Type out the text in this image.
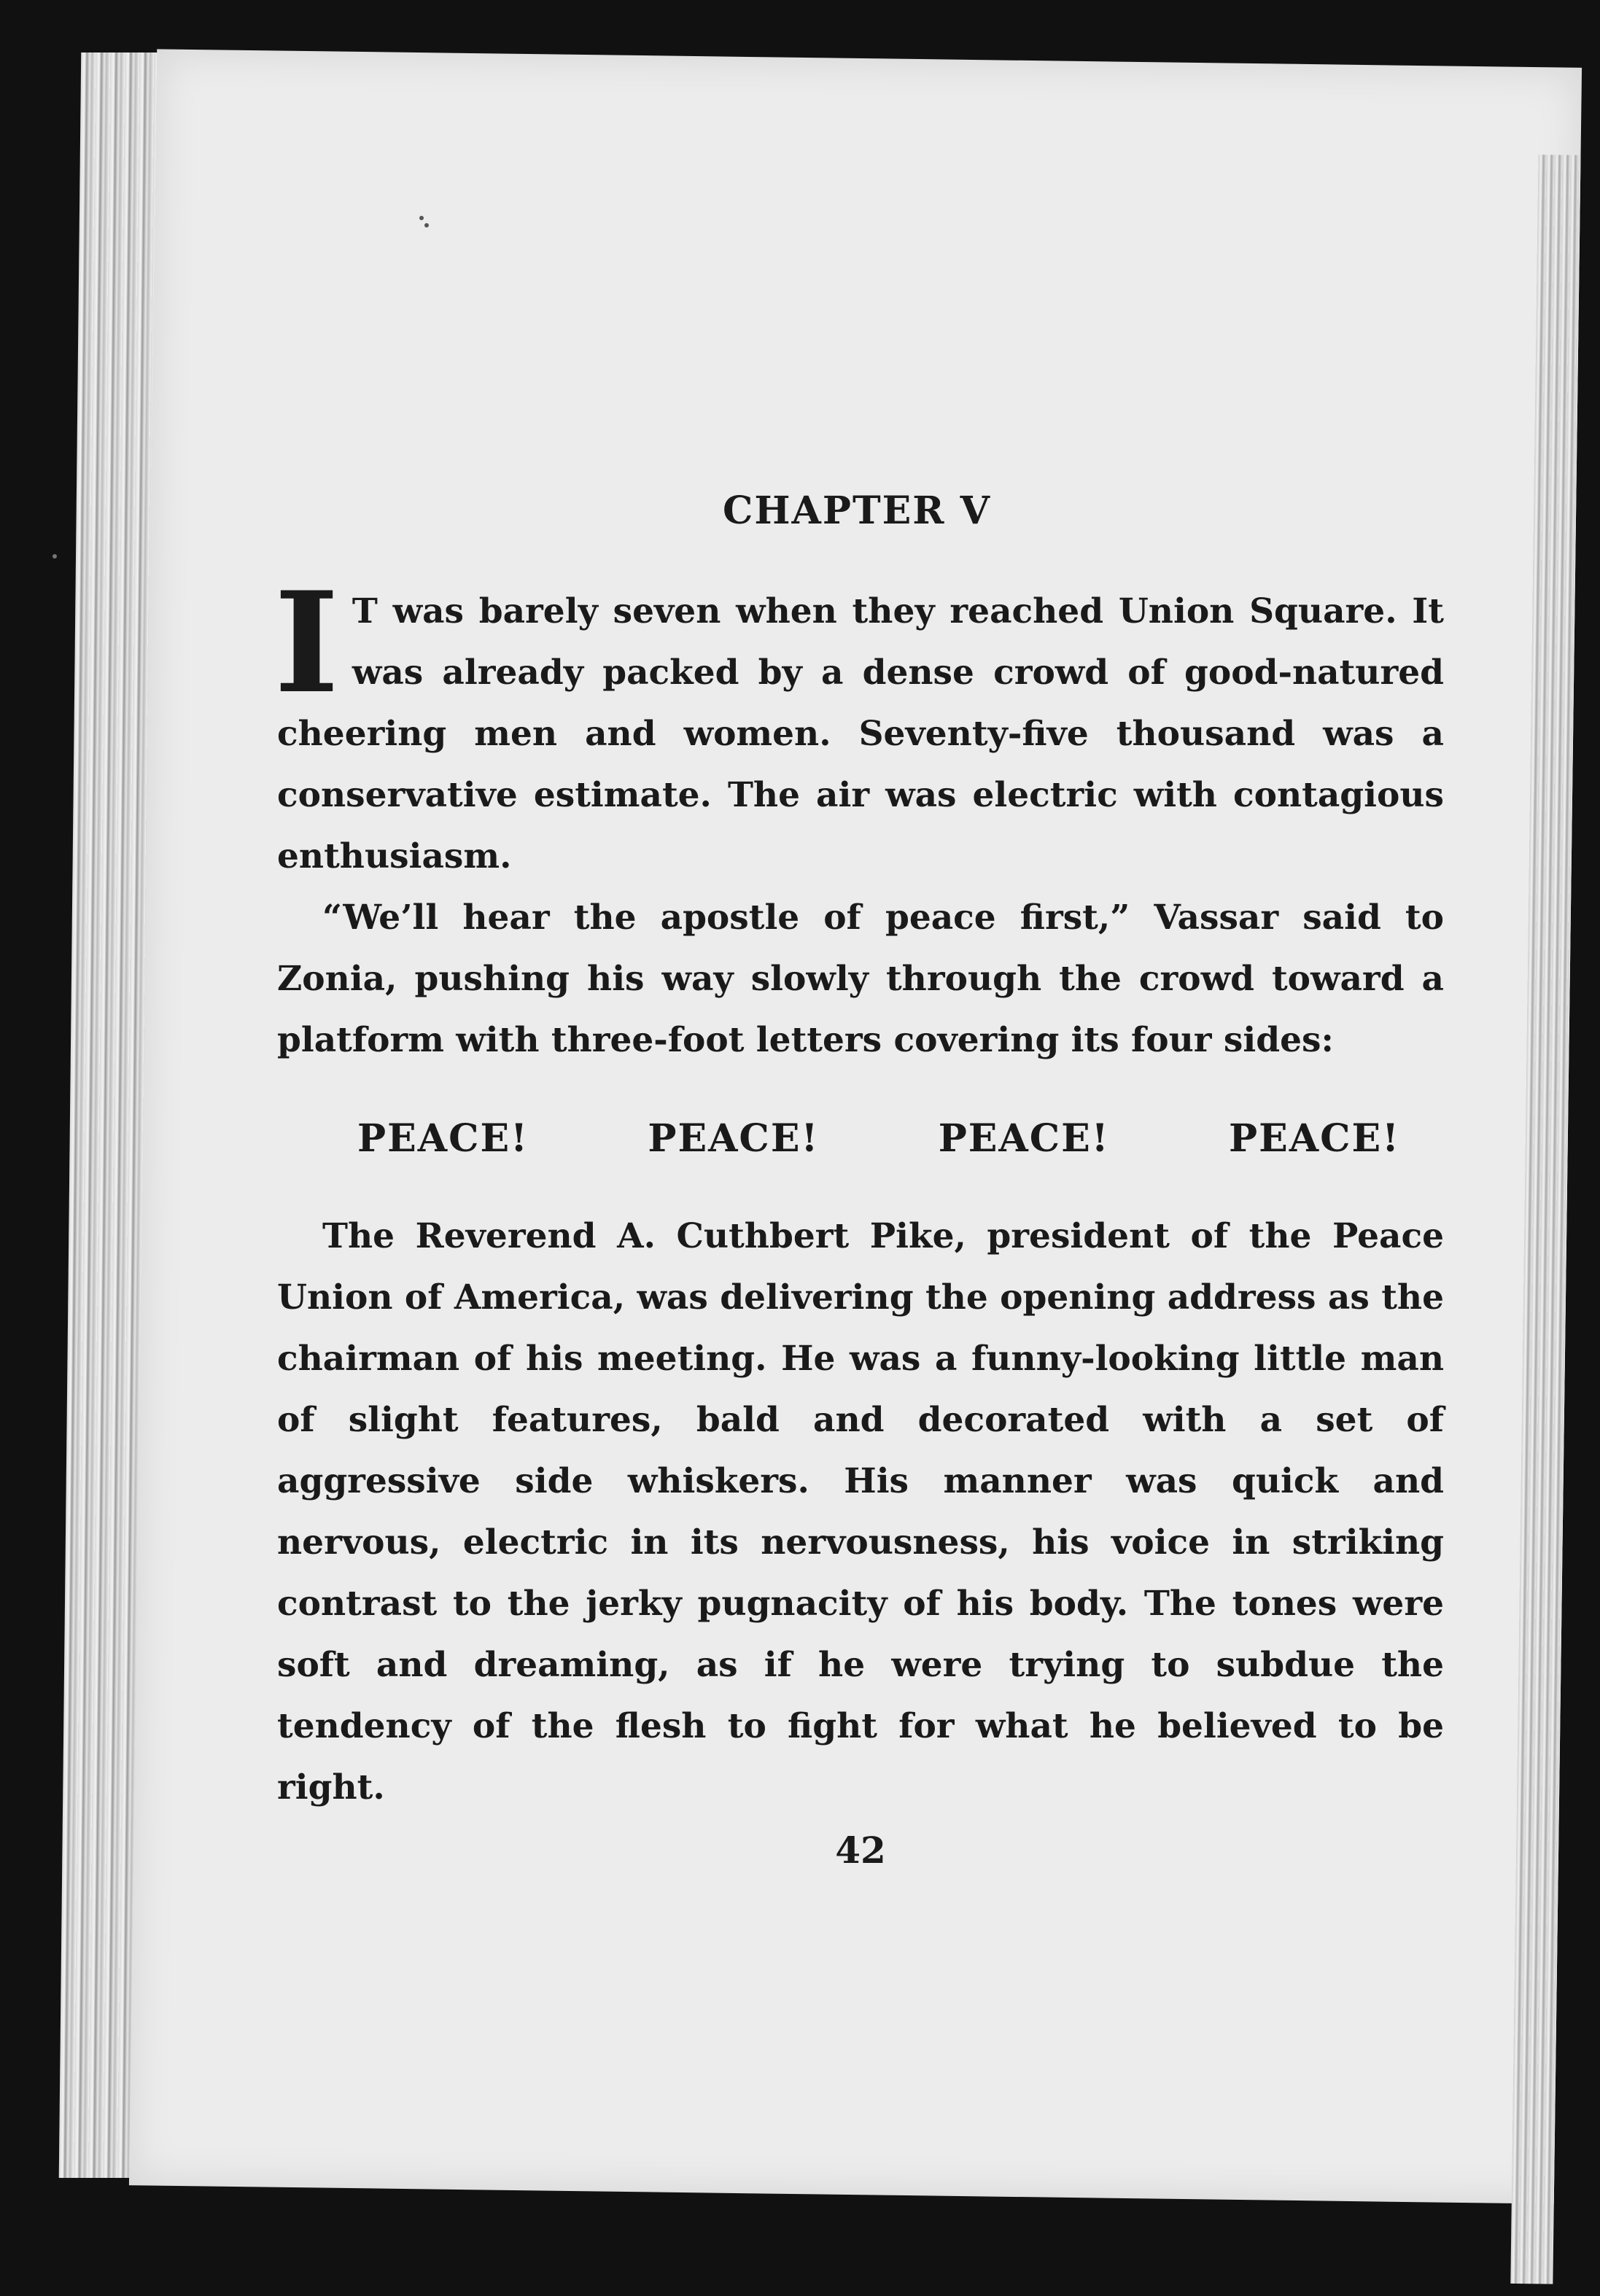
CHAPTER V

I T was barely seven when they reached Union Square. It was already packed by a dense crowd of good-natured cheering men and women. Seventy-five thousand was a conservative estimate. The air was electric with contagious enthusiasm.

“We’ll hear the apostle of peace first,” Vassar said to Zonia, pushing his way slowly through the crowd toward a platform with three-foot letters covering its four sides:

PEACE!	PEACE!	PEACE!	PEACE!

The Reverend A. Cuthbert Pike, president of the Peace Union of America, was delivering the opening address as the chairman of his meeting. He was a funny-looking little man of slight features, bald and decorated with a set of aggressive side whiskers. His manner was quick and nervous, electric in its nervousness, his voice in striking contrast to the jerky pugnacity of his body. The tones were soft and dreaming, as if he were trying to subdue the tendency of the flesh to fight for what he believed to be right.

42
